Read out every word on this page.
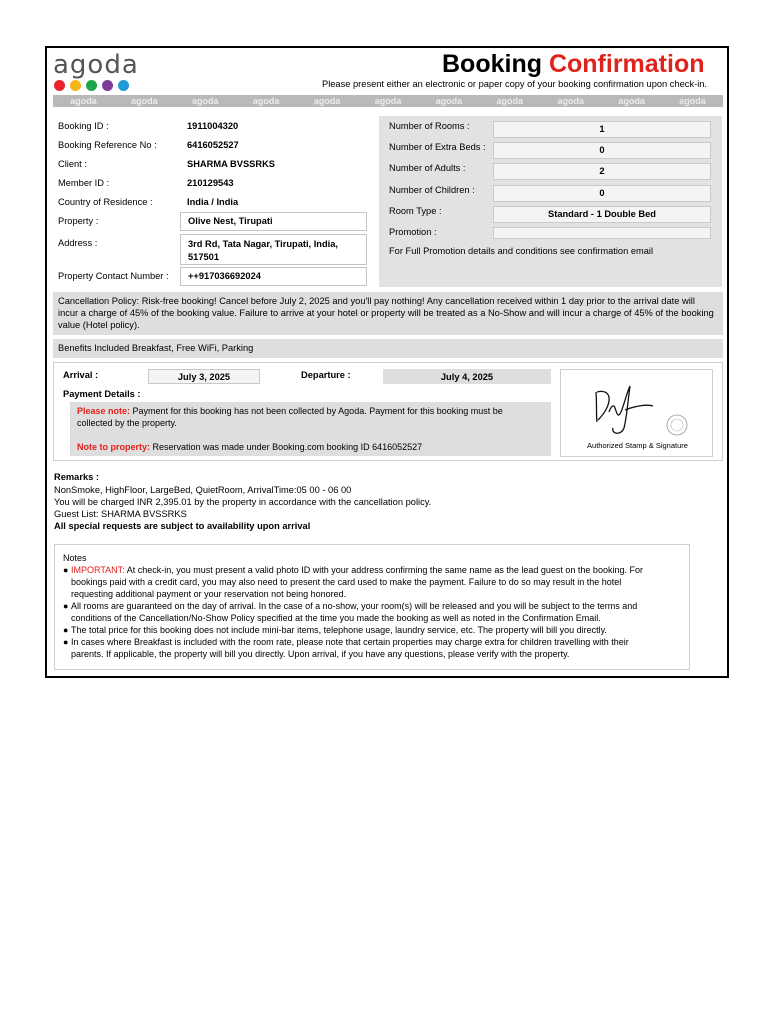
agoda	Booking Confirmation
Please present either an electronic or paper copy of your booking confirmation upon check-in.
agoda	agoda	agoda	agoda	agoda	agoda	agoda	agoda	agoda	agoda	agoda
Booking ID :	1911004320
Booking Reference No :	6416052527
Client :	SHARMA BVSSRKS
Member ID :	210129543
Country of Residence :	India / India
Property :	Olive Nest, Tirupati
Address :	3rd Rd, Tata Nagar, Tirupati, India,
517501
Property Contact Number : ++917036692024
Number of Rooms :	1
Number of Extra Beds :	0
Number of Adults :	2
Number of Children :	0
Room Type :	Standard - 1 Double Bed
Promotion :
For Full Promotion details and conditions see confirmation email
Cancellation Policy: Risk-free booking! Cancel before July 2, 2025 and you'll pay nothing! Any cancellation received within 1 day prior to the arrival date will
incur a charge of 45% of the booking value. Failure to arrive at your hotel or property will be treated as a No-Show and will incur a charge of 45% of the booking
value (Hotel policy).
Benefits Included Breakfast, Free WiFi, Parking
Arrival :	July 3, 2025	Departure :	July 4, 2025
Payment Details :
Please note: Payment for this booking has not been collected by Agoda. Payment for this booking must be
collected by the property.
Note to property: Reservation was made under Booking.com booking ID 6416052527	Authorized Stamp & Signature
Remarks :
NonSmoke, HighFloor, LargeBed, QuietRoom, ArrivalTime:05 00 - 06 00
You will be charged INR 2,395.01 by the property in accordance with the cancellation policy.
Guest List: SHARMA BVSSRKS
All special requests are subject to availability upon arrival
Notes
● IMPORTANT: At check-in, you must present a valid photo ID with your address confirming the same name as the lead guest on the booking. For
bookings paid with a credit card, you may also need to present the card used to make the payment. Failure to do so may result in the hotel
requesting additional payment or your reservation not being honored.
● All rooms are guaranteed on the day of arrival. In the case of a no-show, your room(s) will be released and you will be subject to the terms and
conditions of the Cancellation/No-Show Policy specified at the time you made the booking as well as noted in the Confirmation Email.
● The total price for this booking does not include mini-bar items, telephone usage, laundry service, etc. The property will bill you directly.
● In cases where Breakfast is included with the room rate, please note that certain properties may charge extra for children travelling with their
parents. If applicable, the property will bill you directly. Upon arrival, if you have any questions, please verify with the property.
